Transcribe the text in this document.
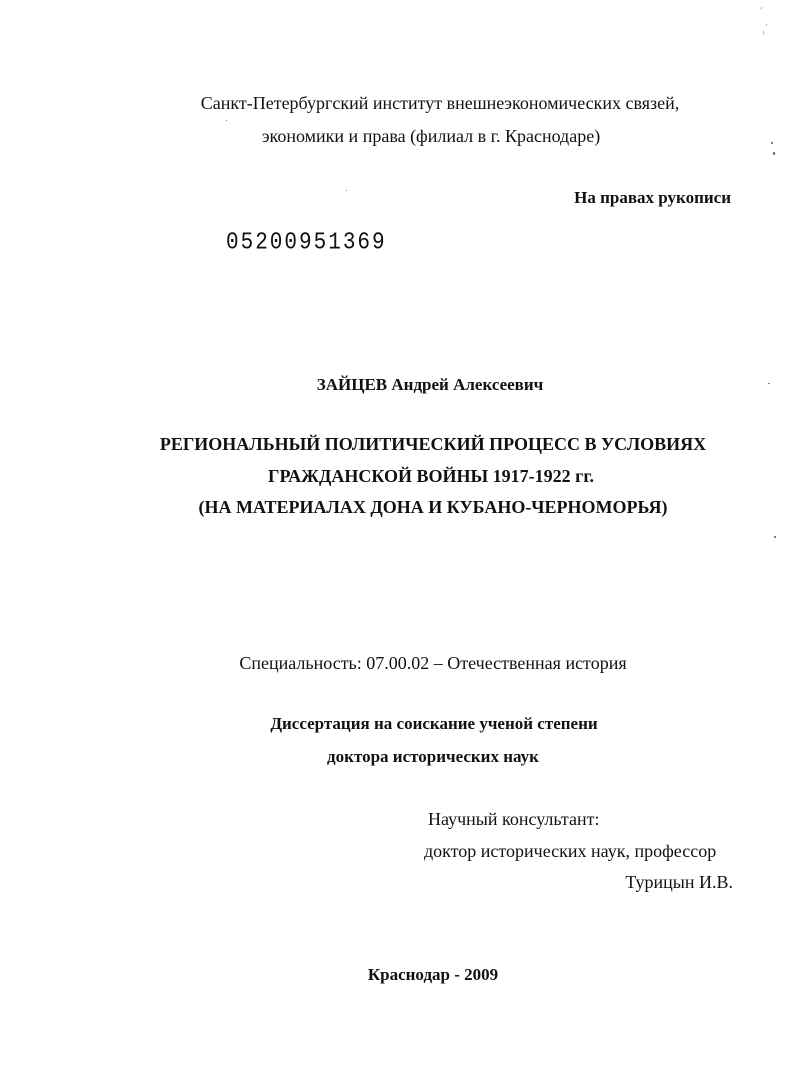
Санкт-Петербургский институт внешнеэкономических связей,
экономики и права (филиал в г. Краснодаре)
На правах рукописи
05200951369
ЗАЙЦЕВ Андрей Алексеевич
РЕГИОНАЛЬНЫЙ ПОЛИТИЧЕСКИЙ ПРОЦЕСС В УСЛОВИЯХ
ГРАЖДАНСКОЙ ВОЙНЫ 1917-1922 гг.
(НА МАТЕРИАЛАХ ДОНА И КУБАНО-ЧЕРНОМОРЬЯ)
Специальность: 07.00.02 – Отечественная история
Диссертация на соискание ученой степени
доктора исторических наук
Научный консультант:
доктор исторических наук, профессор
Турицын И.В.
Краснодар - 2009
ˈ
·
ˡ
